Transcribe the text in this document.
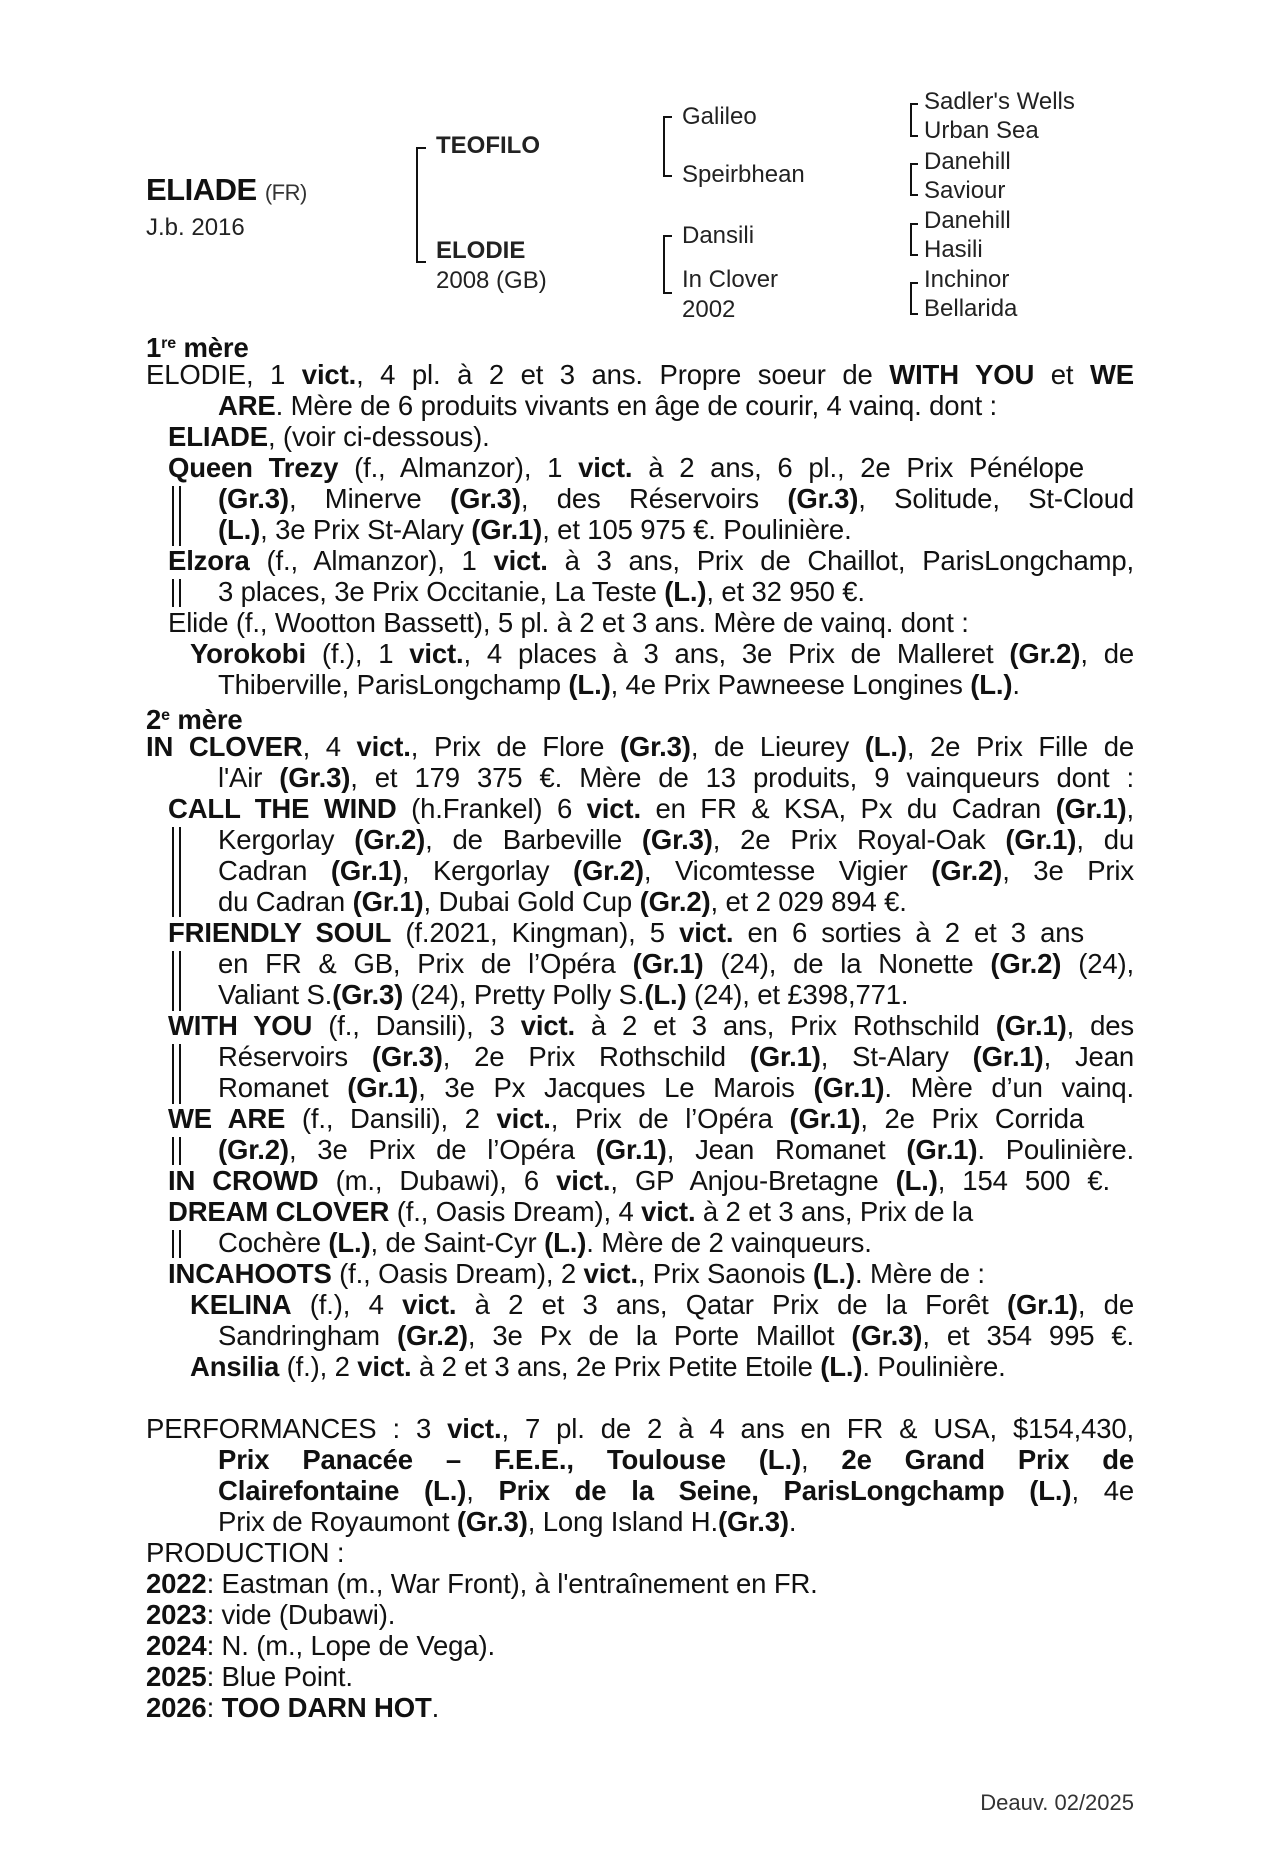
ELIADE (FR)
J.b. 2016
TEOFILO
ELODIE
2008 (GB)
Galileo
Speirbhean
Dansili
In Clover
2002
Sadler's Wells
Urban Sea
Danehill
Saviour
Danehill
Hasili
Inchinor
Bellarida
1re mère
ELODIE, 1 vict., 4 pl. à 2 et 3 ans. Propre soeur de WITH YOU et WE
ARE. Mère de 6 produits vivants en âge de courir, 4 vainq. dont :
ELIADE, (voir ci-dessous).
Queen Trezy (f., Almanzor), 1 vict. à 2 ans, 6 pl., 2e Prix Pénélope
(Gr.3), Minerve (Gr.3), des Réservoirs (Gr.3), Solitude, St-Cloud
(L.), 3e Prix St-Alary (Gr.1), et 105 975 €. Poulinière.
Elzora (f., Almanzor), 1 vict. à 3 ans, Prix de Chaillot, ParisLongchamp,
3 places, 3e Prix Occitanie, La Teste (L.), et 32 950 €.
Elide (f., Wootton Bassett), 5 pl. à 2 et 3 ans. Mère de vainq. dont :
Yorokobi (f.), 1 vict., 4 places à 3 ans, 3e Prix de Malleret (Gr.2), de
Thiberville, ParisLongchamp (L.), 4e Prix Pawneese Longines (L.).
2e mère
IN CLOVER, 4 vict., Prix de Flore (Gr.3), de Lieurey (L.), 2e Prix Fille de
l'Air (Gr.3), et 179 375 €. Mère de 13 produits, 9 vainqueurs dont :
CALL THE WIND (h.Frankel) 6 vict. en FR & KSA, Px du Cadran (Gr.1),
Kergorlay (Gr.2), de Barbeville (Gr.3), 2e Prix Royal-Oak (Gr.1), du
Cadran (Gr.1), Kergorlay (Gr.2), Vicomtesse Vigier (Gr.2), 3e Prix
du Cadran (Gr.1), Dubai Gold Cup (Gr.2), et 2 029 894 €.
FRIENDLY SOUL (f.2021, Kingman), 5 vict. en 6 sorties à 2 et 3 ans
en FR & GB, Prix de l’Opéra (Gr.1) (24), de la Nonette (Gr.2) (24),
Valiant S.(Gr.3) (24), Pretty Polly S.(L.) (24), et £398,771.
WITH YOU (f., Dansili), 3 vict. à 2 et 3 ans, Prix Rothschild (Gr.1), des
Réservoirs (Gr.3), 2e Prix Rothschild (Gr.1), St-Alary (Gr.1), Jean
Romanet (Gr.1), 3e Px Jacques Le Marois (Gr.1). Mère d’un vainq.
WE ARE (f., Dansili), 2 vict., Prix de l’Opéra (Gr.1), 2e Prix Corrida
(Gr.2), 3e Prix de l’Opéra (Gr.1), Jean Romanet (Gr.1). Poulinière.
IN CROWD (m., Dubawi), 6 vict., GP Anjou-Bretagne (L.), 154 500 €.
DREAM CLOVER (f., Oasis Dream), 4 vict. à 2 et 3 ans, Prix de la
Cochère (L.), de Saint-Cyr (L.). Mère de 2 vainqueurs.
INCAHOOTS (f., Oasis Dream), 2 vict., Prix Saonois (L.). Mère de :
KELINA (f.), 4 vict. à 2 et 3 ans, Qatar Prix de la Forêt (Gr.1), de
Sandringham (Gr.2), 3e Px de la Porte Maillot (Gr.3), et 354 995 €.
Ansilia (f.), 2 vict. à 2 et 3 ans, 2e Prix Petite Etoile (L.). Poulinière.
PERFORMANCES : 3 vict., 7 pl. de 2 à 4 ans en FR & USA, $154,430,
Prix Panacée – F.E.E., Toulouse (L.), 2e Grand Prix de
Clairefontaine (L.), Prix de la Seine, ParisLongchamp (L.), 4e
Prix de Royaumont (Gr.3), Long Island H.(Gr.3).
PRODUCTION :
2022: Eastman (m., War Front), à l'entraînement en FR.
2023: vide (Dubawi).
2024: N. (m., Lope de Vega).
2025: Blue Point.
2026: TOO DARN HOT.
Deauv. 02/2025
